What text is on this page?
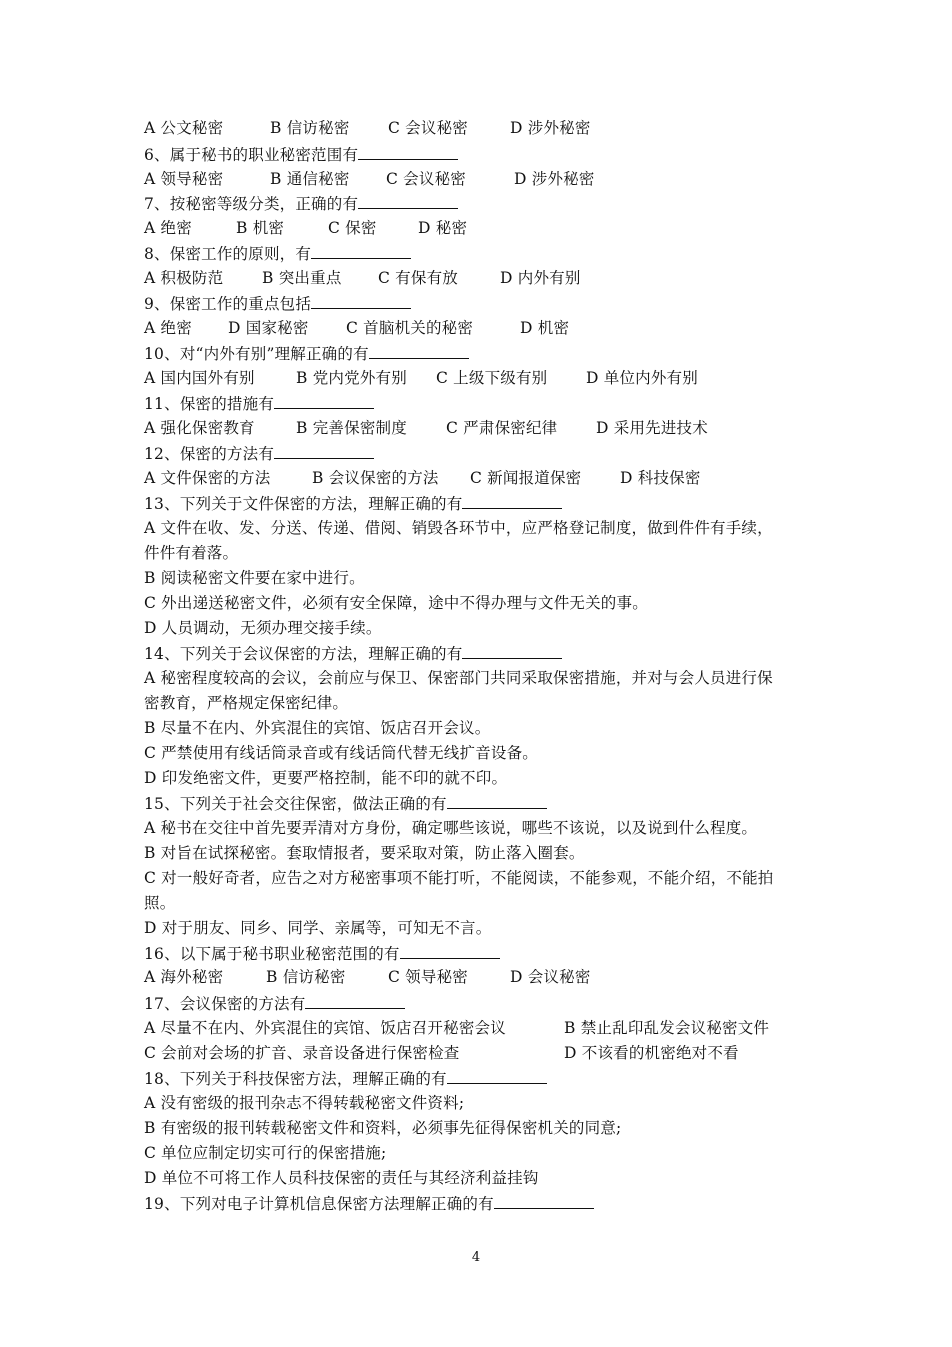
A 公文秘密	B 信访秘密 C 会议秘密	D 涉外秘密
6、属于秘书的职业秘密范围有
A 领导秘密	B 通信秘密 C 会议秘密	D 涉外秘密
7、按秘密等级分类，正确的有
A 绝密	B 机密	C 保密	D 秘密
8、保密工作的原则，有
A 积极防范 B 突出重点 C 有保有放	D 内外有别
9、保密工作的重点包括
A 绝密 D 国家秘密 C 首脑机关的秘密	D 机密
10、对“内外有别”理解正确的有
A 国内国外有别	B 党内党外有别 C 上级下级有别 D 单位内外有别
11、保密的措施有
A 强化保密教育	B 完善保密制度	C 严肃保密纪律 D 采用先进技术
12、保密的方法有
A 文件保密的方法	B 会议保密的方法 C 新闻报道保密 D 科技保密
13、下列关于文件保密的方法，理解正确的有
A 文件在收、发、分送、传递、借阅、销毁各环节中，应严格登记制度，做到件件有手续，
件件有着落。
B 阅读秘密文件要在家中进行。
C 外出递送秘密文件，必须有安全保障，途中不得办理与文件无关的事。
D 人员调动，无须办理交接手续。
14、下列关于会议保密的方法，理解正确的有
A 秘密程度较高的会议，会前应与保卫、保密部门共同采取保密措施，并对与会人员进行保
密教育，严格规定保密纪律。
B 尽量不在内、外宾混住的宾馆、饭店召开会议。
C 严禁使用有线话筒录音或有线话筒代替无线扩音设备。
D 印发绝密文件，更要严格控制，能不印的就不印。
15、下列关于社会交往保密，做法正确的有
A 秘书在交往中首先要弄清对方身份，确定哪些该说，哪些不该说，以及说到什么程度。
B 对旨在试探秘密。套取情报者，要采取对策，防止落入圈套。
C 对一般好奇者，应告之对方秘密事项不能打听，不能阅读，不能参观，不能介绍，不能拍
照。
D 对于朋友、同乡、同学、亲属等，可知无不言。
16、以下属于秘书职业秘密范围的有
A 海外秘密	B 信访秘密	C 领导秘密	D 会议秘密
17、会议保密的方法有
A 尽量不在内、外宾混住的宾馆、饭店召开秘密会议	B 禁止乱印乱发会议秘密文件
C 会前对会场的扩音、录音设备进行保密检查	D 不该看的机密绝对不看
18、下列关于科技保密方法，理解正确的有
A 没有密级的报刊杂志不得转载秘密文件资料;
B 有密级的报刊转载秘密文件和资料，必须事先征得保密机关的同意;
C 单位应制定切实可行的保密措施;
D 单位不可将工作人员科技保密的责任与其经济利益挂钩
19、下列对电子计算机信息保密方法理解正确的有
4
